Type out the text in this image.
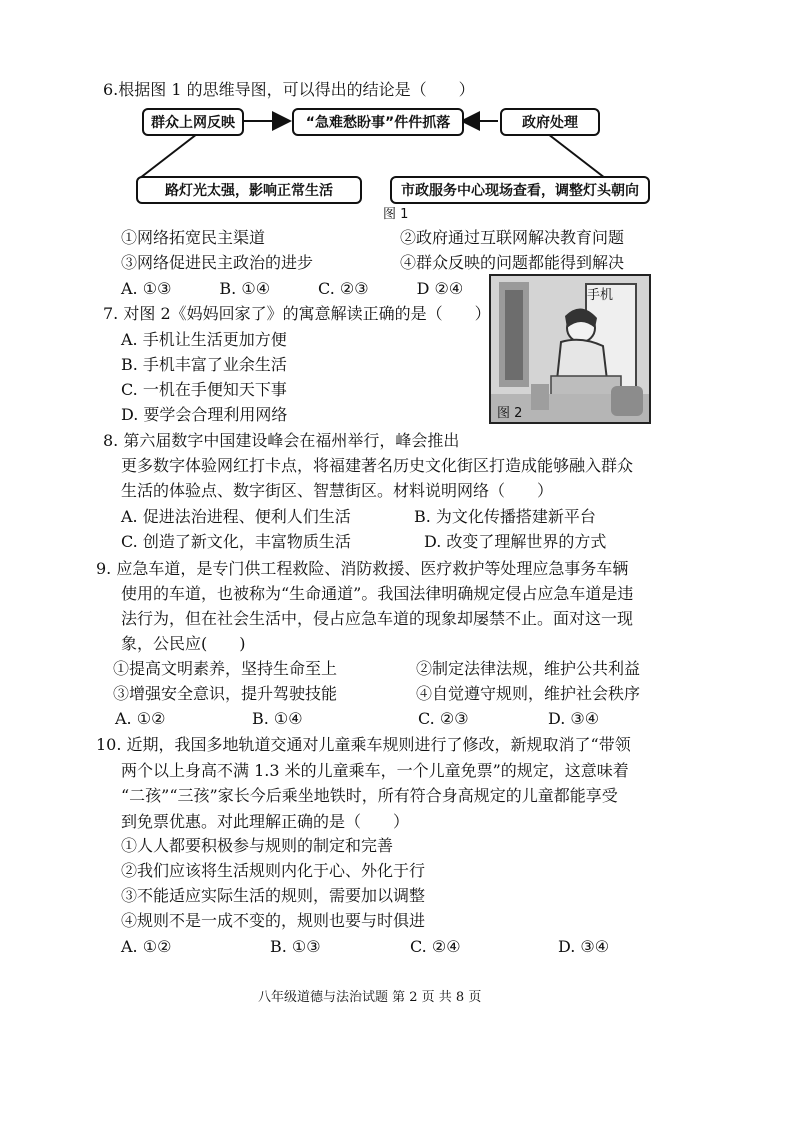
6.根据图 1 的思维导图，可以得出的结论是（　　）
群众上网反映	“急难愁盼事”件件抓落	政府处理
路灯光太强，影响正常生活	市政服务中心现场查看，调整灯头朝向
图 1
①网络拓宽民主渠道	②政府通过互联网解决教育问题
③网络促进民主政治的进步	④群众反映的问题都能得到解决
A. ①③　　　B. ①④　　　C. ②③　　　D ②④	手机
图 2
7. 对图 2《妈妈回家了》的寓意解读正确的是（　　）
A. 手机让生活更加方便
B. 手机丰富了业余生活
C. 一机在手便知天下事
D. 要学会合理利用网络
8. 第六届数字中国建设峰会在福州举行，峰会推出
更多数字体验网红打卡点，将福建著名历史文化街区打造成能够融入群众
生活的体验点、数字街区、智慧街区。材料说明网络（　　）
A. 促进法治进程、便利人们生活	B. 为文化传播搭建新平台
C. 创造了新文化，丰富物质生活	D. 改变了理解世界的方式
9. 应急车道，是专门供工程救险、消防救援、医疗救护等处理应急事务车辆
使用的车道，也被称为“生命通道”。我国法律明确规定侵占应急车道是违
法行为，但在社会生活中，侵占应急车道的现象却屡禁不止。面对这一现
象，公民应(　　)
①提高文明素养，坚持生命至上	②制定法律法规，维护公共利益
③增强安全意识，提升驾驶技能	④自觉遵守规则，维护社会秩序
A. ①②	B. ①④	C. ②③	D. ③④
10. 近期，我国多地轨道交通对儿童乘车规则进行了修改，新规取消了“带领
两个以上身高不满 1.3 米的儿童乘车，一个儿童免票”的规定，这意味着
“二孩”“三孩”家长今后乘坐地铁时，所有符合身高规定的儿童都能享受
到免票优惠。对此理解正确的是（　　）
①人人都要积极参与规则的制定和完善
②我们应该将生活规则内化于心、外化于行
③不能适应实际生活的规则，需要加以调整
④规则不是一成不变的，规则也要与时俱进
A. ①②	B. ①③	C. ②④	D. ③④
八年级道德与法治试题 第 2 页 共 8 页
